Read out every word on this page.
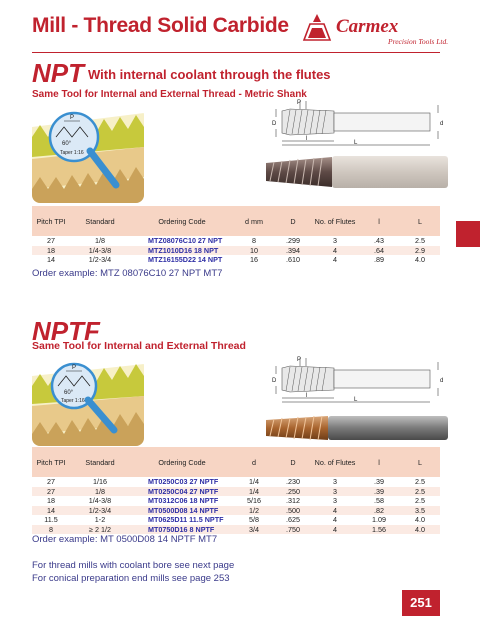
Mill - Thread Solid Carbide Carmex
Precision Tools Ltd.
NPT With internal coolant through the flutes
Same Tool for Internal and External Thread - Metric Shank
P
60°
Taper 1:16
P
D	d
l
L
Pitch TPI	Standard	Ordering Code	d mm	D	No. of Flutes	l	L
27	1/8	MTZ08076C10 27 NPT	8	.299	3	.43	2.5
18	1/4-3/8	MTZ1010D16 18 NPT	10	.394	4	.64	2.9
14	1/2-3/4	MTZ16155D22 14 NPT	16	.610	4	.89	4.0
Order example: MTZ 08076C10 27 NPT MT7
NPTF
Same Tool for Internal and External Thread
P
60°
Taper 1:16
P
D	d
l
L
Pitch TPI	Standard	Ordering Code	d	D	No. of Flutes	l	L
27	1/16	MT0250C03 27 NPTF	1/4	.230	3	.39	2.5
27	1/8	MT0250C04 27 NPTF	1/4	.250	3	.39	2.5
18	1/4-3/8	MT0312C06 18 NPTF	5/16	.312	3	.58	2.5
14	1/2-3/4	MT0500D08 14 NPTF	1/2	.500	4	.82	3.5
11.5	1-2	MT0625D11 11.5 NPTF	5/8	.625	4	1.09	4.0
8	≥ 2 1/2	MT0750D16 8 NPTF	3/4	.750	4	1.56	4.0
Order example: MT 0500D08 14 NPTF MT7
For thread mills with coolant bore see next page
For conical preparation end mills see page 253
251
